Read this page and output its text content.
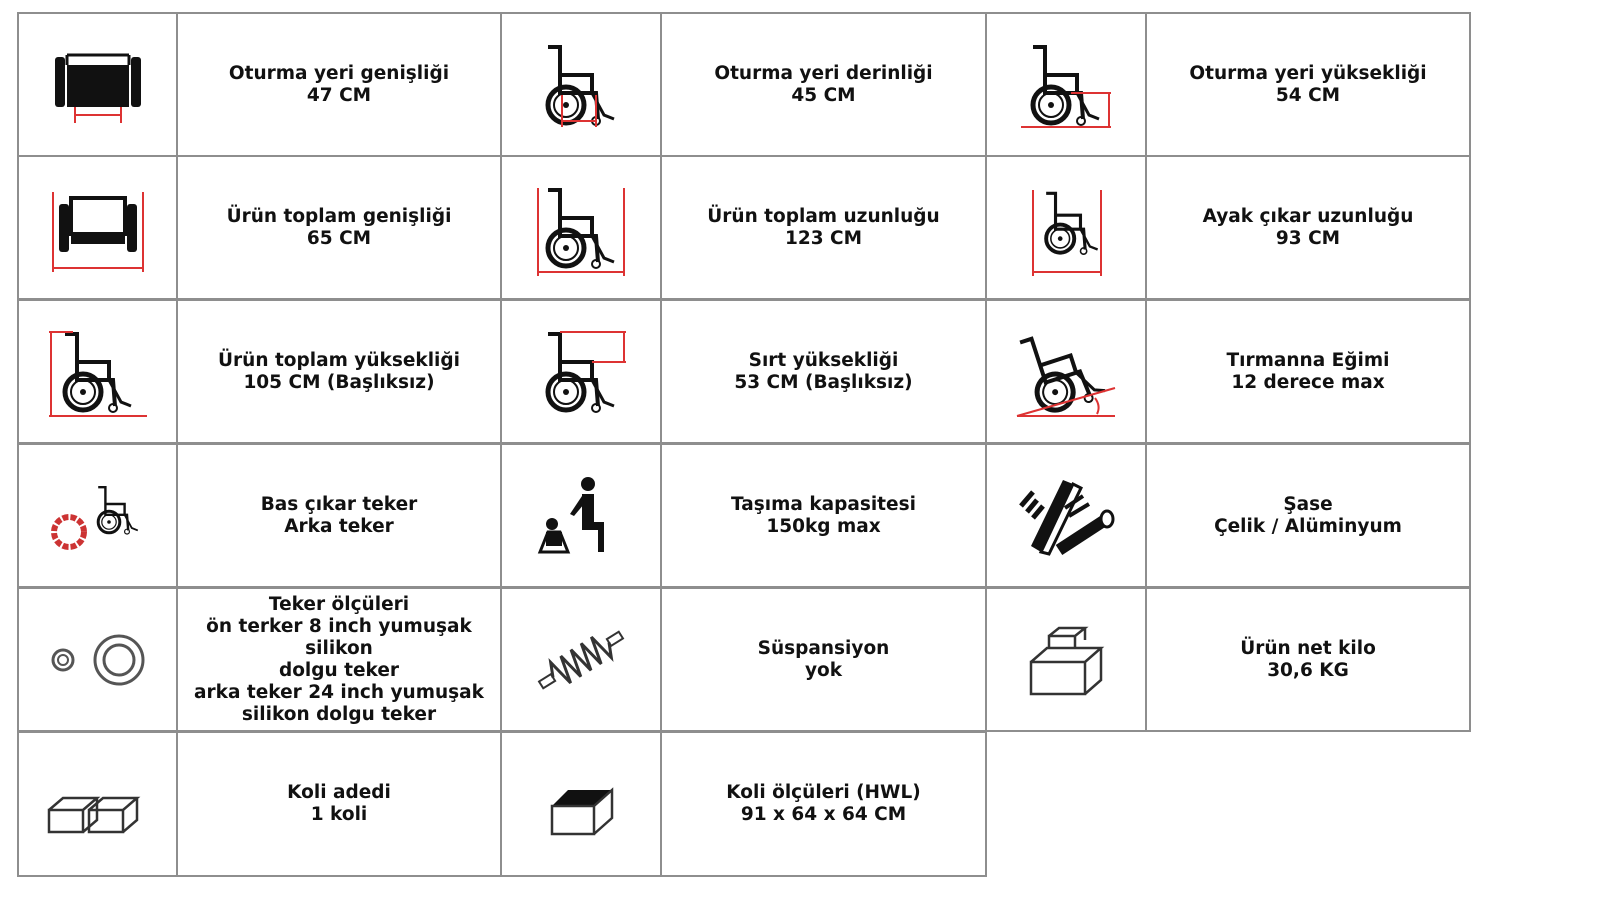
Oturma yeri genişliği
47 CM
Oturma yeri derinliği
45 CM
Oturma yeri yüksekliği
54 CM
Ürün toplam genişliği
65 CM
Ürün toplam uzunluğu
123 CM
Ayak çıkar uzunluğu
93 CM
Ürün toplam yüksekliği
105 CM (Başlıksız)
Sırt yüksekliği
53 CM (Başlıksız)
Tırmanna Eğimi
12 derece max
Bas çıkar teker
Arka teker
Taşıma kapasitesi
150kg max
Şase
Çelik / Alüminyum
Teker ölçüleri
ön terker 8 inch yumuşak silikon
dolgu teker
arka teker 24 inch yumuşak
silikon dolgu teker
Süspansiyon
yok
Ürün net kilo
30,6 KG
Koli adedi
1 koli
Koli ölçüleri (HWL)
91 x 64 x 64 CM
